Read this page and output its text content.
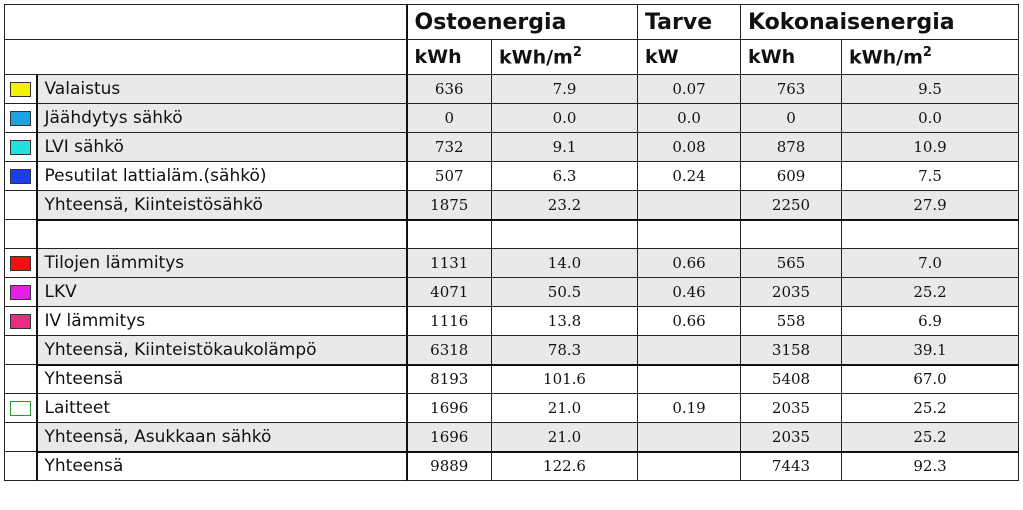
		Ostoenergia		Tarve	Kokonaisenergia	
		kWh	kWh/$m^2$	kW	kWh	kWh/$m^2$
	Valaistus	636	7.9	0.07	763	9.5
	Jäähdytys sähkö	0	0.0	0.0	0	0.0
	LVI sähkö	732	9.1	0.08	878	10.9
	Pesutilat lattialäm.(sähkö)	507	6.3	0.24	609	7.5
	Yhteensä, Kiinteistösähkö	1875	23.2		2250	27.9

	Tilojen lämmitys	1131	14.0	0.66	565	7.0
	LKV	4071	50.5	0.46	2035	25.2
	IV lämmitys	1116	13.8	0.66	558	6.9
	Yhteensä, Kiinteistökaukolämpö	6318	78.3		3158	39.1
	Yhteensä	8193	101.6		5408	67.0
	Laitteet	1696	21.0	0.19	2035	25.2
	Yhteensä, Asukkaan sähkö	1696	21.0		2035	25.2
	Yhteensä	9889	122.6		7443	92.3
